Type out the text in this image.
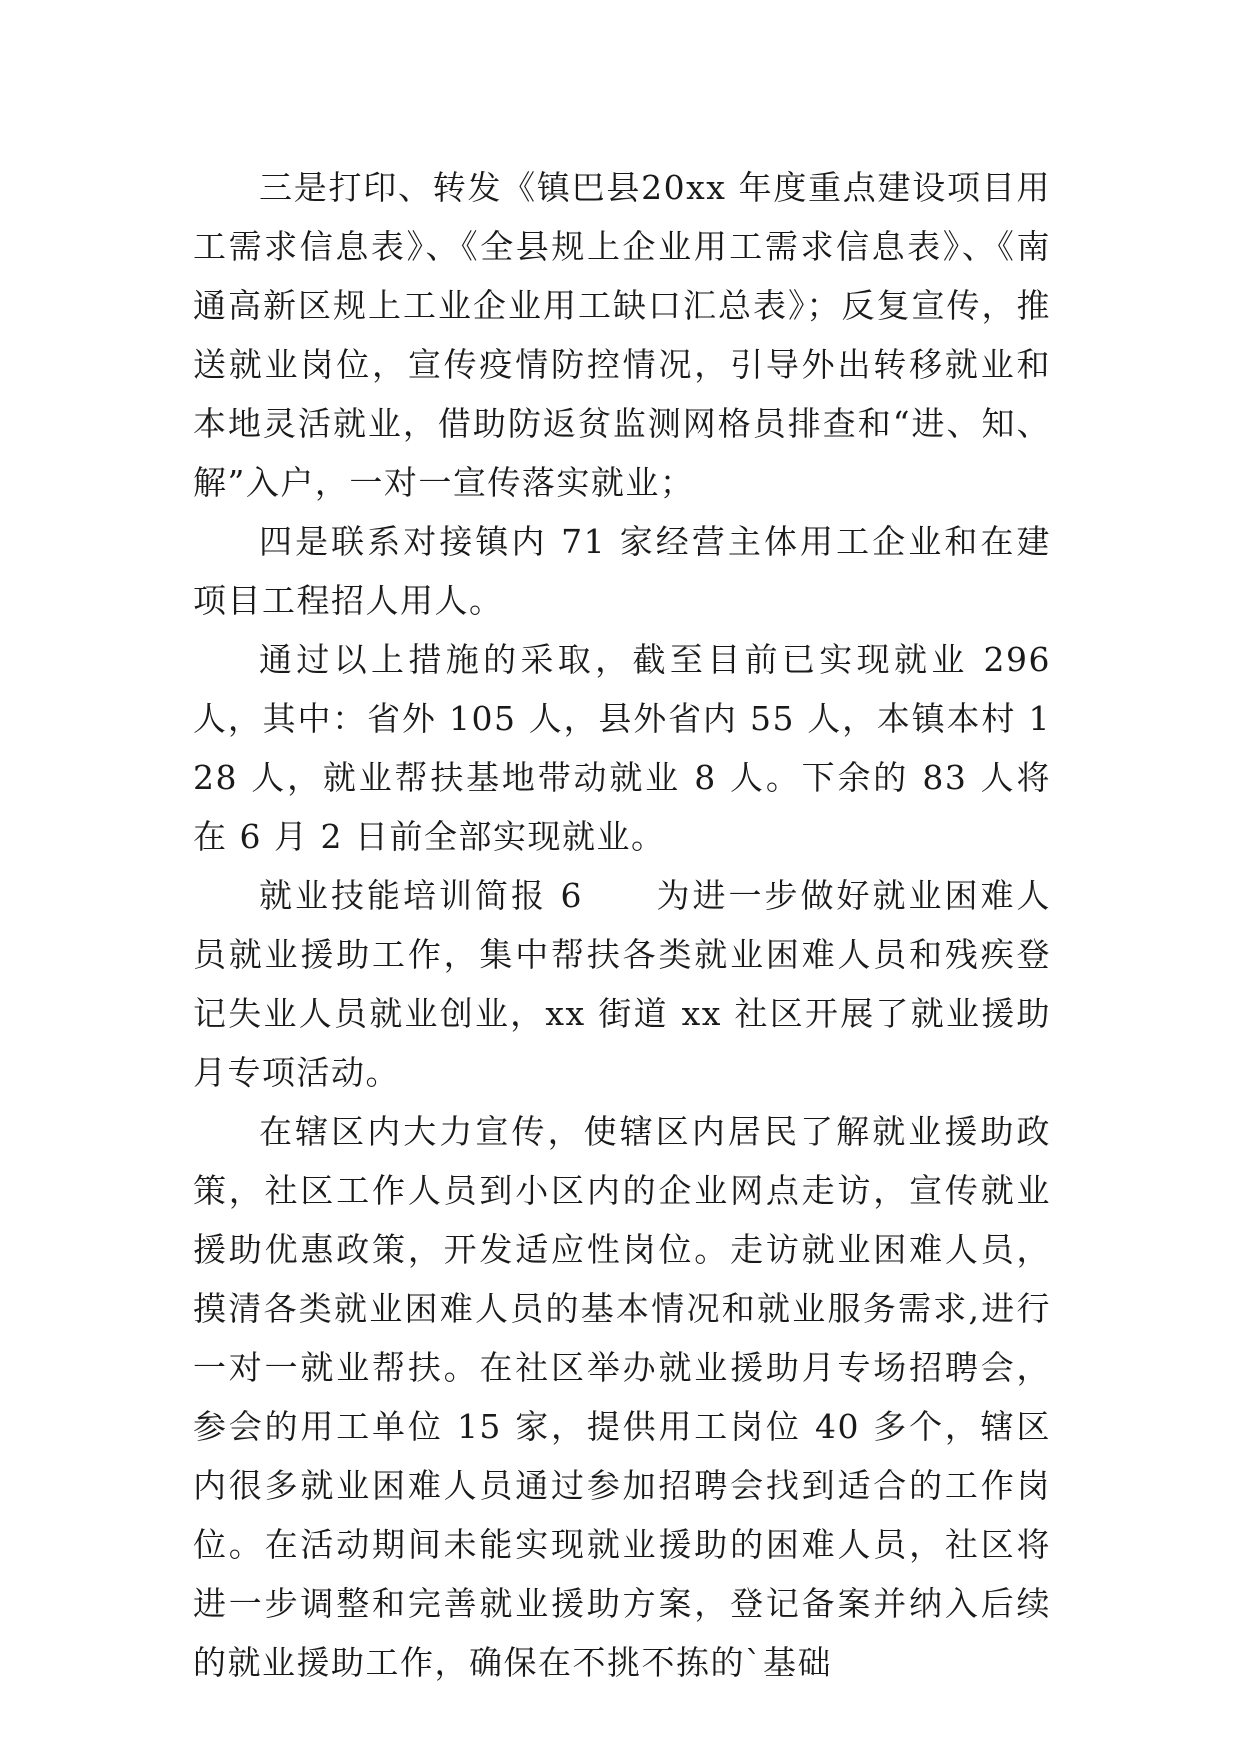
三是打印、转发《镇巴县20xx 年度重点建设项目用工需求信息表》、《全县规上企业用工需求信息表》、《南通高新区规上工业企业用工缺口汇总表》；反复宣传，推送就业岗位，宣传疫情防控情况，引导外出转移就业和本地灵活就业，借助防返贫监测网格员排查和“进、知、解”入户，一对一宣传落实就业；

四是联系对接镇内 71 家经营主体用工企业和在建项目工程招人用人。

通过以上措施的采取，截至目前已实现就业 296 人，其中：省外 105 人，县外省内 55 人，本镇本村 128 人，就业帮扶基地带动就业 8 人。下余的 83 人将在 6 月 2 日前全部实现就业。

就业技能培训简报 6　　为进一步做好就业困难人员就业援助工作，集中帮扶各类就业困难人员和残疾登记失业人员就业创业，xx 街道 xx 社区开展了就业援助月专项活动。

在辖区内大力宣传，使辖区内居民了解就业援助政策，社区工作人员到小区内的企业网点走访，宣传就业援助优惠政策，开发适应性岗位。走访就业困难人员，摸清各类就业困难人员的基本情况和就业服务需求,进行一对一就业帮扶。在社区举办就业援助月专场招聘会，参会的用工单位 15 家，提供用工岗位 40 多个，辖区内很多就业困难人员通过参加招聘会找到适合的工作岗位。在活动期间未能实现就业援助的困难人员，社区将进一步调整和完善就业援助方案，登记备案并纳入后续的就业援助工作，确保在不挑不拣的`基础
